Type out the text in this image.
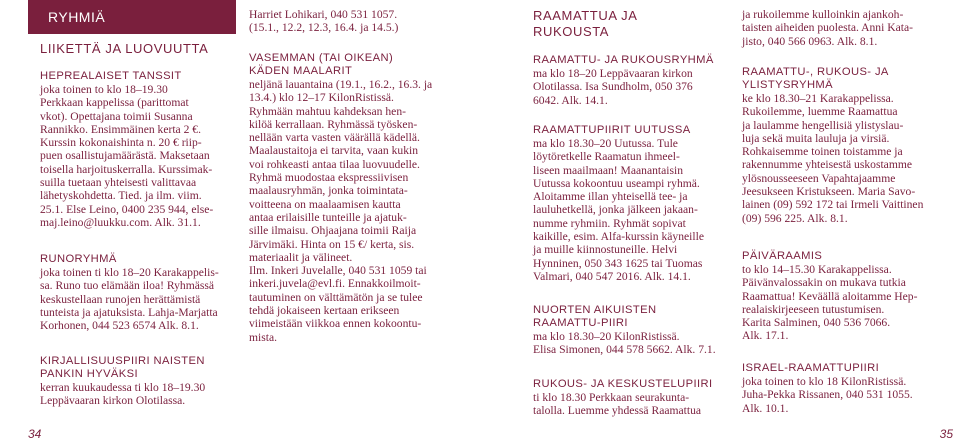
RYHMIÄ
LIIKETTÄ JA LUOVUUTTA
HEPREALAISET TANSSIT
joka toinen to klo 18–19.30
Perkkaan kappelissa (parittomat
vkot). Opettajana toimii Susanna
Rannikko. Ensimmäinen kerta 2 €.
Kurssin kokonaishinta n. 20 € riip-
puen osallistujamäärästä. Maksetaan
toisella harjoituskerralla. Kurssimak-
suilla tuetaan yhteisesti valittavaa
lähetyskohdetta. Tied. ja ilm. viim.
25.1. Else Leino, 0400 235 944, else-
maj.leino@luukku.com. Alk. 31.1.
RUNORYHMÄ
joka toinen ti klo 18–20 Karakappelis-
sa. Runo tuo elämään iloa! Ryhmässä
keskustellaan runojen herättämistä
tunteista ja ajatuksista. Lahja-Marjatta
Korhonen, 044 523 6574 Alk. 8.1.
KIRJALLISUUSPIIRI NAISTEN
PANKIN HYVÄKSI
kerran kuukaudessa ti klo 18–19.30
Leppävaaran kirkon Olotilassa.
Harriet Lohikari, 040 531 1057.
(15.1., 12.2, 12.3, 16.4. ja 14.5.)
VASEMMAN (TAI OIKEAN)
KÄDEN MAALARIT
neljänä lauantaina (19.1., 16.2., 16.3. ja
13.4.) klo 12–17 KilonRistissä.
Ryhmään mahtuu kahdeksan hen-
kilöä kerrallaan. Ryhmässä työsken-
nellään varta vasten väärällä kädellä.
Maalaustaitoja ei tarvita, vaan kukin
voi rohkeasti antaa tilaa luovuudelle.
Ryhmä muodostaa ekspressiivisen
maalausryhmän, jonka toimintata-
voitteena on maalaamisen kautta
antaa erilaisille tunteille ja ajatuk-
sille ilmaisu. Ohjaajana toimii Raija
Järvimäki. Hinta on 15 €/ kerta, sis.
materiaalit ja välineet.
Ilm. Inkeri Juvelalle, 040 531 1059 tai
inkeri.juvela@evl.fi. Ennakkoilmoit-
tautuminen on välttämätön ja se tulee
tehdä jokaiseen kertaan erikseen
viimeistään viikkoa ennen kokoontu-
mista.
RAAMATTUA JA
RUKOUSTA
RAAMATTU- JA RUKOUSRYHMÄ
ma klo 18–20 Leppävaaran kirkon
Olotilassa. Isa Sundholm, 050 376
6042. Alk. 14.1.
RAAMATTUPIIRIT UUTUSSA
ma klo 18.30–20 Uutussa. Tule
löytöretkelle Raamatun ihmeel-
liseen maailmaan! Maanantaisin
Uutussa kokoontuu useampi ryhmä.
Aloitamme illan yhteisellä tee- ja
lauluhetkellä, jonka jälkeen jakaan-
numme ryhmiin. Ryhmät sopivat
kaikille, esim. Alfa-kurssin käyneille
ja muille kiinnostuneille. Helvi
Hynninen, 050 343 1625 tai Tuomas
Valmari, 040 547 2016. Alk. 14.1.
NUORTEN AIKUISTEN
RAAMATTU-PIIRI
ma klo 18.30–20 KilonRistissä.
Elisa Simonen, 044 578 5662. Alk. 7.1.
RUKOUS- JA KESKUSTELUPIIRI
ti klo 18.30 Perkkaan seurakunta-
talolla. Luemme yhdessä Raamattua
ja rukoilemme kulloinkin ajankoh-
taisten aiheiden puolesta. Anni Kata-
jisto, 040 566 0963. Alk. 8.1.
RAAMATTU-, RUKOUS- JA
YLISTYSRYHMÄ
ke klo 18.30–21 Karakappelissa.
Rukoilemme, luemme Raamattua
ja laulamme hengellisiä ylistyslau-
luja sekä muita lauluja ja virsiä.
Rohkaisemme toinen toistamme ja
rakennumme yhteisestä uskostamme
ylösnousseeseen Vapahtajaamme
Jeesukseen Kristukseen. Maria Savo-
lainen (09) 592 172 tai Irmeli Vaittinen
(09) 596 225. Alk. 8.1.
PÄIVÄRAAMIS
to klo 14–15.30 Karakappelissa.
Päivänvalossakin on mukava tutkia
Raamattua! Keväällä aloitamme Hep-
realaiskirjeeseen tutustumisen.
Karita Salminen, 040 536 7066.
Alk. 17.1.
ISRAEL-RAAMATTUPIIRI
joka toinen to klo 18 KilonRistissä.
Juha-Pekka Rissanen, 040 531 1055.
Alk. 10.1.
34	35
